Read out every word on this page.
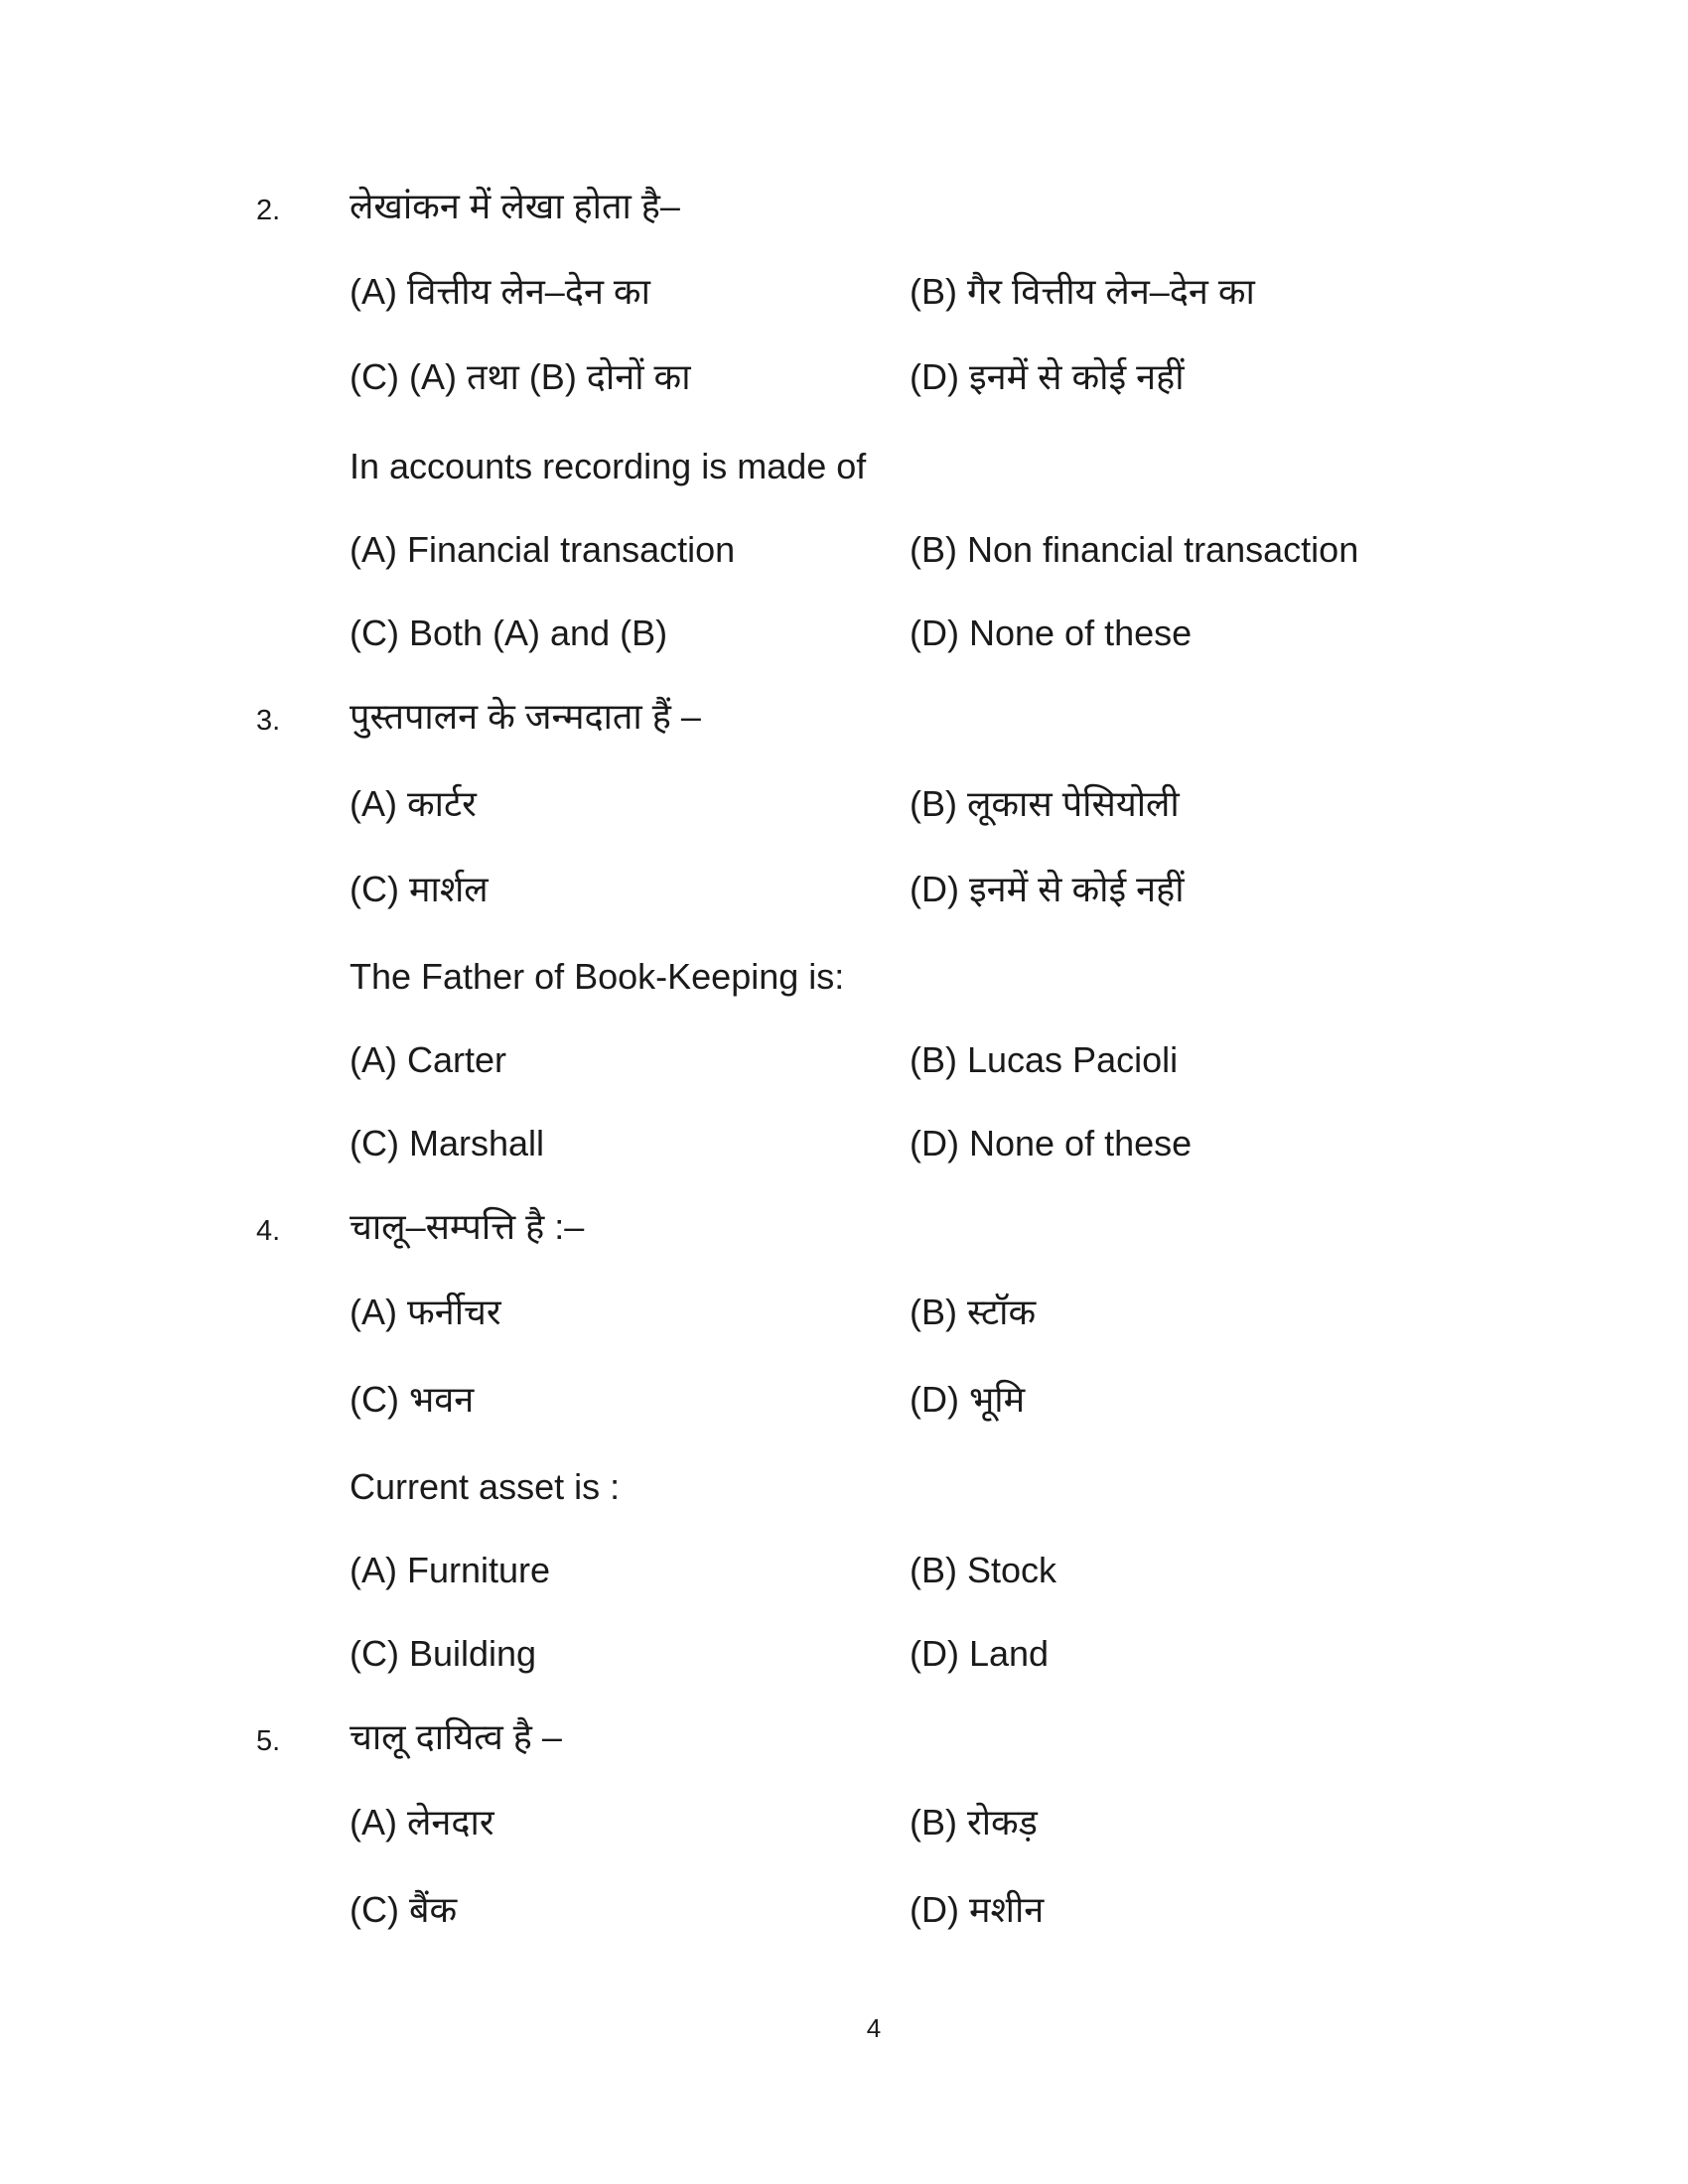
2. लेखांकन में लेखा होता है–
(A) वित्तीय लेन–देन का	(B) गैर वित्तीय लेन–देन का
(C) (A) तथा (B) दोनों का	(D) इनमें से कोई नहीं
In accounts recording is made of
(A) Financial transaction	(B) Non financial transaction
(C) Both (A) and (B)	(D) None of these
3. पुस्तपालन के जन्मदाता हैं –
(A) कार्टर	(B) लूकास पेसियोली
(C) मार्शल	(D) इनमें से कोई नहीं
The Father of Book-Keeping is:
(A) Carter	(B) Lucas Pacioli
(C) Marshall	(D) None of these
4. चालू–सम्पत्ति है :–
(A) फर्नीचर	(B) स्टॉक
(C) भवन	(D) भूमि
Current asset is :
(A) Furniture	(B) Stock
(C) Building	(D) Land
5. चालू दायित्व है –
(A) लेनदार	(B) रोकड़
(C) बैंक	(D) मशीन
4
